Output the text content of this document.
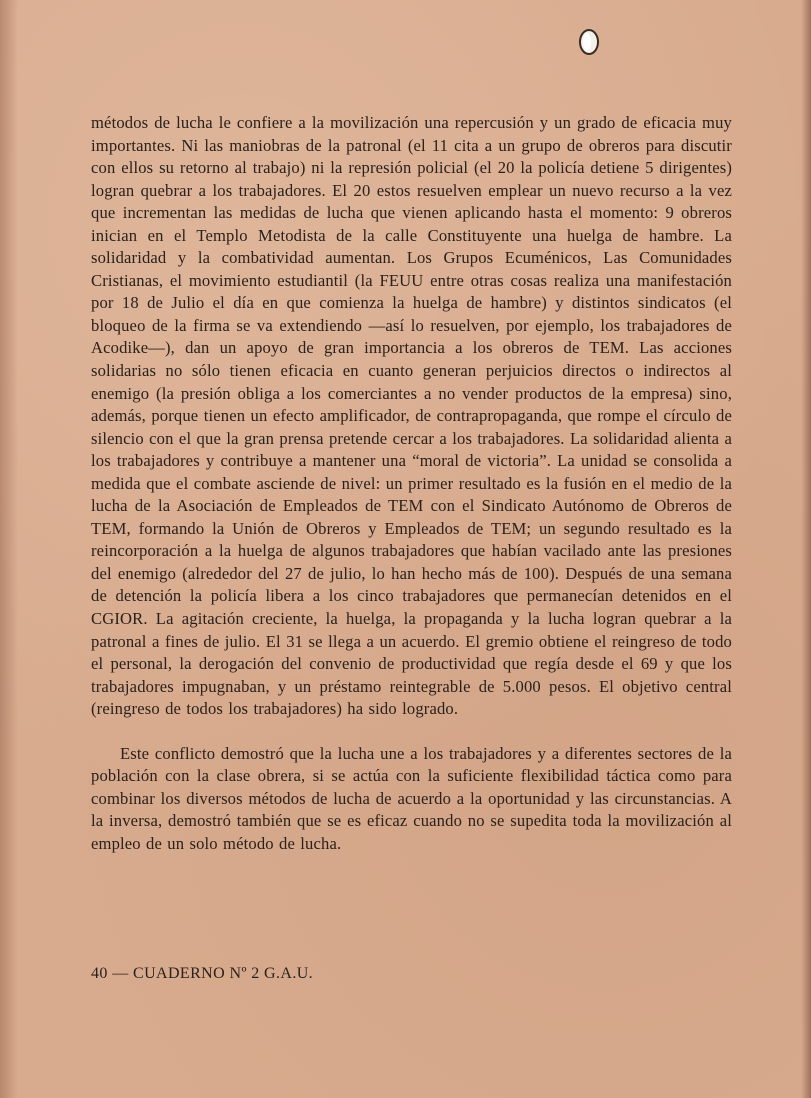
métodos de lucha le confiere a la movilización una repercusión y un grado de eficacia muy importantes. Ni las maniobras de la patronal (el 11 cita a un grupo de obreros para discutir con ellos su retorno al trabajo) ni la represión policial (el 20 la policía detiene 5 dirigentes) logran quebrar a los trabajadores. El 20 estos resuelven emplear un nuevo recurso a la vez que incrementan las medidas de lucha que vienen aplicando hasta el momento: 9 obreros inician en el Templo Metodista de la calle Constituyente una huelga de hambre. La solidaridad y la combatividad aumentan. Los Grupos Ecuménicos, Las Comunidades Cristianas, el movimiento estudiantil (la FEUU entre otras cosas realiza una manifestación por 18 de Julio el día en que comienza la huelga de hambre) y distintos sindicatos (el bloqueo de la firma se va extendiendo —así lo resuelven, por ejemplo, los trabajadores de Acodike—), dan un apoyo de gran importancia a los obreros de TEM. Las acciones solidarias no sólo tienen eficacia en cuanto generan perjuicios directos o indirectos al enemigo (la presión obliga a los comerciantes a no vender productos de la empresa) sino, además, porque tienen un efecto amplificador, de contrapropaganda, que rompe el círculo de silencio con el que la gran prensa pretende cercar a los trabajadores. La solidaridad alienta a los trabajadores y contribuye a mantener una “moral de victoria”. La unidad se consolida a medida que el combate asciende de nivel: un primer resultado es la fusión en el medio de la lucha de la Asociación de Empleados de TEM con el Sindicato Autónomo de Obreros de TEM, formando la Unión de Obreros y Empleados de TEM; un segundo resultado es la reincorporación a la huelga de algunos trabajadores que habían vacilado ante las presiones del enemigo (alrededor del 27 de julio, lo han hecho más de 100). Después de una semana de detención la policía libera a los cinco trabajadores que permanecían detenidos en el CGIOR. La agitación creciente, la huelga, la propaganda y la lucha logran quebrar a la patronal a fines de julio. El 31 se llega a un acuerdo. El gremio obtiene el reingreso de todo el personal, la derogación del convenio de productividad que regía desde el 69 y que los trabajadores impugnaban, y un préstamo reintegrable de 5.000 pesos. El objetivo central (reingreso de todos los trabajadores) ha sido logrado.

Este conflicto demostró que la lucha une a los trabajadores y a diferentes sectores de la población con la clase obrera, si se actúa con la suficiente flexibilidad táctica como para combinar los diversos métodos de lucha de acuerdo a la oportunidad y las circunstancias. A la inversa, demostró también que se es eficaz cuando no se supedita toda la movilización al empleo de un solo método de lucha.

40 — CUADERNO Nº 2 G.A.U.
